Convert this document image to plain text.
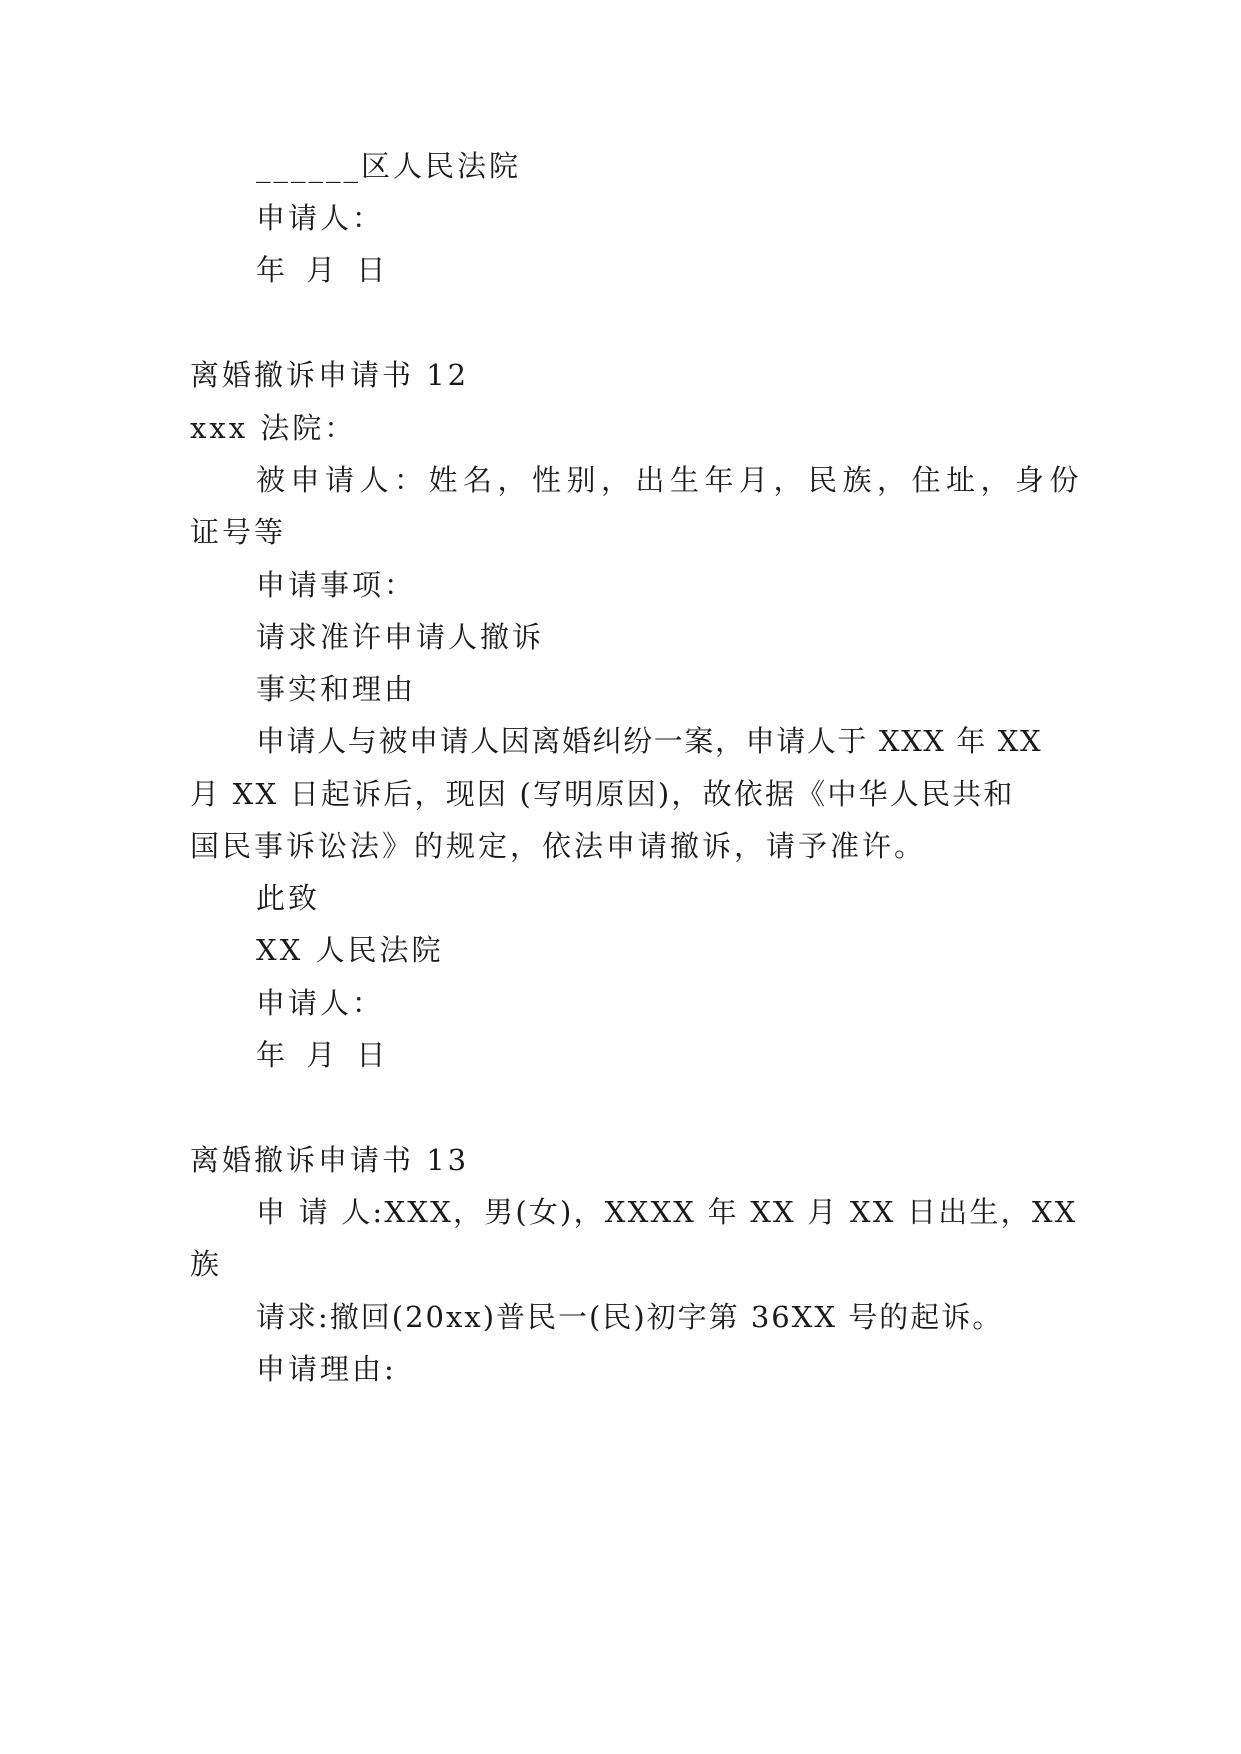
______区人民法院
申请人：
年 月 日
离婚撤诉申请书 12
xxx 法院：
被申请人：姓名，性别，出生年月，民族，住址，身份
证号等
申请事项：
请求准许申请人撤诉
事实和理由
申请人与被申请人因离婚纠纷一案，申请人于 XXX 年 XX
月 XX 日起诉后，现因 (写明原因)，故依据《中华人民共和
国民事诉讼法》的规定，依法申请撤诉，请予准许。
此致
XX 人民法院
申请人：
年 月 日
离婚撤诉申请书 13
申 请 人:XXX，男(女)，XXXX 年 XX 月 XX 日出生，XX
族
请求:撤回(20xx)普民一(民)初字第 36XX 号的起诉。
申请理由:
